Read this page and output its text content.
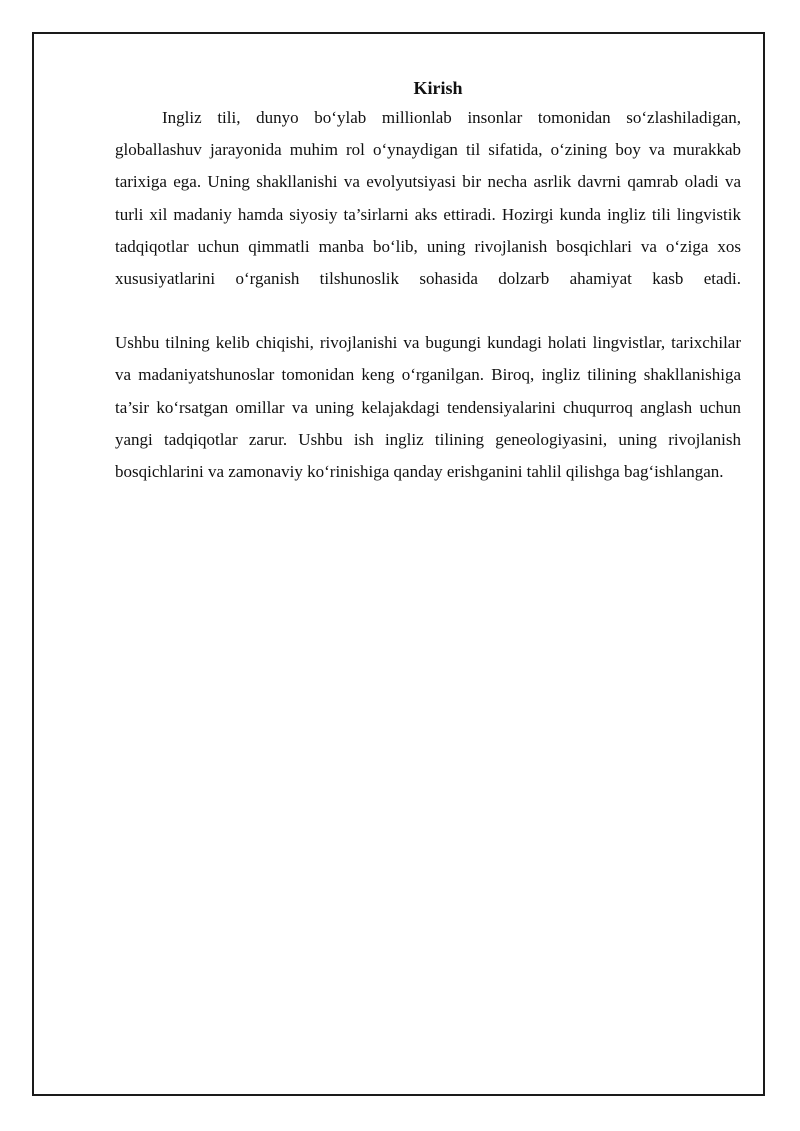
Kirish

Ingliz tili, dunyo bo‘ylab millionlab insonlar tomonidan so‘zlashiladigan, globallashuv jarayonida muhim rol o‘ynaydigan til sifatida, o‘zining boy va murakkab tarixiga ega. Uning shakllanishi va evolyutsiyasi bir necha asrlik davrni qamrab oladi va turli xil madaniy hamda siyosiy ta’sirlarni aks ettiradi. Hozirgi kunda ingliz tili lingvistik tadqiqotlar uchun qimmatli manba bo‘lib, uning rivojlanish bosqichlari va o‘ziga xos xususiyatlarini o‘rganish tilshunoslik sohasida dolzarb ahamiyat kasb etadi.

Ushbu tilning kelib chiqishi, rivojlanishi va bugungi kundagi holati lingvistlar, tarixchilar va madaniyatshunoslar tomonidan keng o‘rganilgan. Biroq, ingliz tilining shakllanishiga ta’sir ko‘rsatgan omillar va uning kelajakdagi tendensiyalarini chuqurroq anglash uchun yangi tadqiqotlar zarur. Ushbu ish ingliz tilining geneologiyasini, uning rivojlanish bosqichlarini va zamonaviy ko‘rinishiga qanday erishganini tahlil qilishga bag‘ishlangan.
